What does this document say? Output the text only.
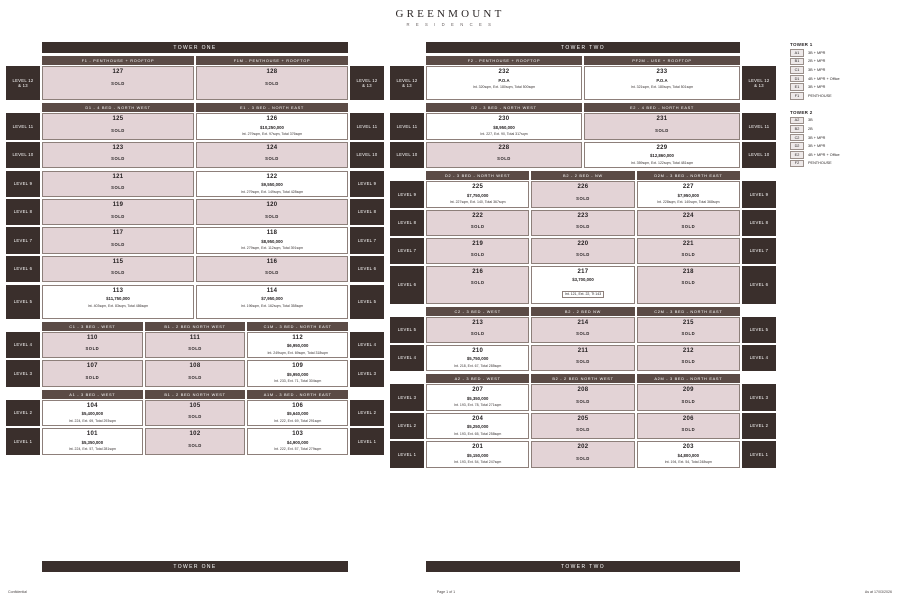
GREENMOUNT
R E S I D E N C E S
TOWER ONE
F1 - PENTHOUSE + ROOFTOP	F1M - PENTHOUSE + ROOFTOP
LEVEL 12
& 13
127
SOLD
128
SOLD
LEVEL 12
& 13
D1 - 4 BED - NORTH WEST	E1 - 3 BED - NORTH EAST
LEVEL 11
125
SOLD
126
$10,250,000
Int. 279sqm, Ext. 97sqm, Total 376sqm
LEVEL 11
LEVEL 10
123
SOLD
124
SOLD
LEVEL 10
LEVEL 9
121
SOLD
122
$9,550,000
Int. 279sqm, Ext. 149sqm, Total 428sqm
LEVEL 9
LEVEL 8
119
SOLD
120
SOLD
LEVEL 8
LEVEL 7
117
SOLD
118
$8,950,000
Int. 279sqm, Ext. 112sqm, Total 391sqm
LEVEL 7
LEVEL 6
115
SOLD
116
SOLD
LEVEL 6
LEVEL 5
113
$11,750,000
Int. 403sqm, Ext. 83sqm, Total 486sqm
114
$7,950,000
Int. 196sqm, Ext. 162sqm, Total 358sqm
LEVEL 5
C1 - 3 BED - WEST	B1 - 2 BED NORTH WEST	C1M - 3 BED - NORTH EAST
LEVEL 4
110
SOLD
111
SOLD
112
$6,950,000
Int. 249sqm, Ext. 69sqm, Total 318sqm
LEVEL 4
LEVEL 3
107
SOLD
108
SOLD
109
$5,950,000
Int. 233, Ext. 71, Total 304sqm
LEVEL 3
A1 - 3 BED - WEST	B1 - 2 BED NORTH WEST	A1M - 3 BED - NORTH EAST
LEVEL 2
104
$5,400,000
Int. 224, Ext. 69, Total 293sqm
105
SOLD
106
$5,640,000
Int. 222, Ext. 69, Total 291sqm
LEVEL 2
LEVEL 1
101
$5,350,000
Int. 224, Ext. 57, Total 281sqm
102
SOLD
103
$4,900,000
Int. 222, Ext. 57, Total 279sqm
LEVEL 1
TOWER TWO
F2 - PENTHOUSE + ROOFTOP	PF2M - USE + ROOFTOP
LEVEL 12
& 13
232
P.O.A
Int. 320sqm, Ext. 180sqm, Total 500sqm
233
P.O.A
Int. 321sqm, Ext. 180sqm, Total 501sqm
LEVEL 12
& 13
D2 - 3 BED - NORTH WEST	E2 - 4 BED - NORTH EAST
LEVEL 11
230
$8,950,000
Int. 227, Ext. 90, Total 317sqm
231
SOLD
LEVEL 11
LEVEL 10
228
SOLD
229
$12,860,000
Int. 359sqm, Ext. 122sqm, Total 481sqm
LEVEL 10
D2 - 3 BED - NORTH WEST	B2 - 2 BED - NW	D2M - 3 BED - NORTH EAST
LEVEL 9
225
$7,750,000
Int. 227sqm, Ext. 140, Total 367sqm
226
SOLD
227
$7,950,000
Int. 228sqm, Ext. 140sqm, Total 368sqm
LEVEL 9
LEVEL 8
222
SOLD
223
SOLD
224
SOLD
LEVEL 8
LEVEL 7
219
SOLD
220
SOLD
221
SOLD
LEVEL 7
LEVEL 6
216
SOLD
217
$3,700,000
Int. 121, Ext. 22, Tt 143
218
SOLD	LEVEL 6
C2 - 3 BED - WEST	B2 - 2 BED NW	C2M - 3 BED - NORTH EAST
LEVEL 5
213
SOLD
214
SOLD
215
SOLD
LEVEL 5
LEVEL 4
210
$5,750,000
Int. 218, Ext. 67, Total 285sqm
211
SOLD
212
SOLD
LEVEL 4
A2 - 3 BED - WEST	B2 - 2 BED NORTH WEST	A2M - 3 BED - NORTH EAST
LEVEL 3
207
$5,350,000
Int. 193, Ext. 78, Total 271sqm
208
SOLD
209
SOLD
LEVEL 3
LEVEL 2
204
$5,250,000
Int. 193, Ext. 65, Total 258sqm
205
SOLD
206
SOLD
LEVEL 2
LEVEL 1
201
$5,150,000
Int. 193, Ext. 54, Total 247sqm
202
SOLD
203
$4,800,000
Int. 194, Ext. 54, Total 248sqm
LEVEL 1
TOWER 1
A1	3B + MPR
B1	2B + MPR
C1	3B + MPR
D1	4B + MPR + Office
E1	3B + MPR
F1	PENTHOUSE
TOWER 2
A2	3B
B2	2B
C2	3B + MPR
D2	3B + MPR
E2	4B + MPR + Office
F2	PENTHOUSE
TOWER ONE	TOWER TWO
Confidential	Page 1 of 1	As at 17/03/2026
